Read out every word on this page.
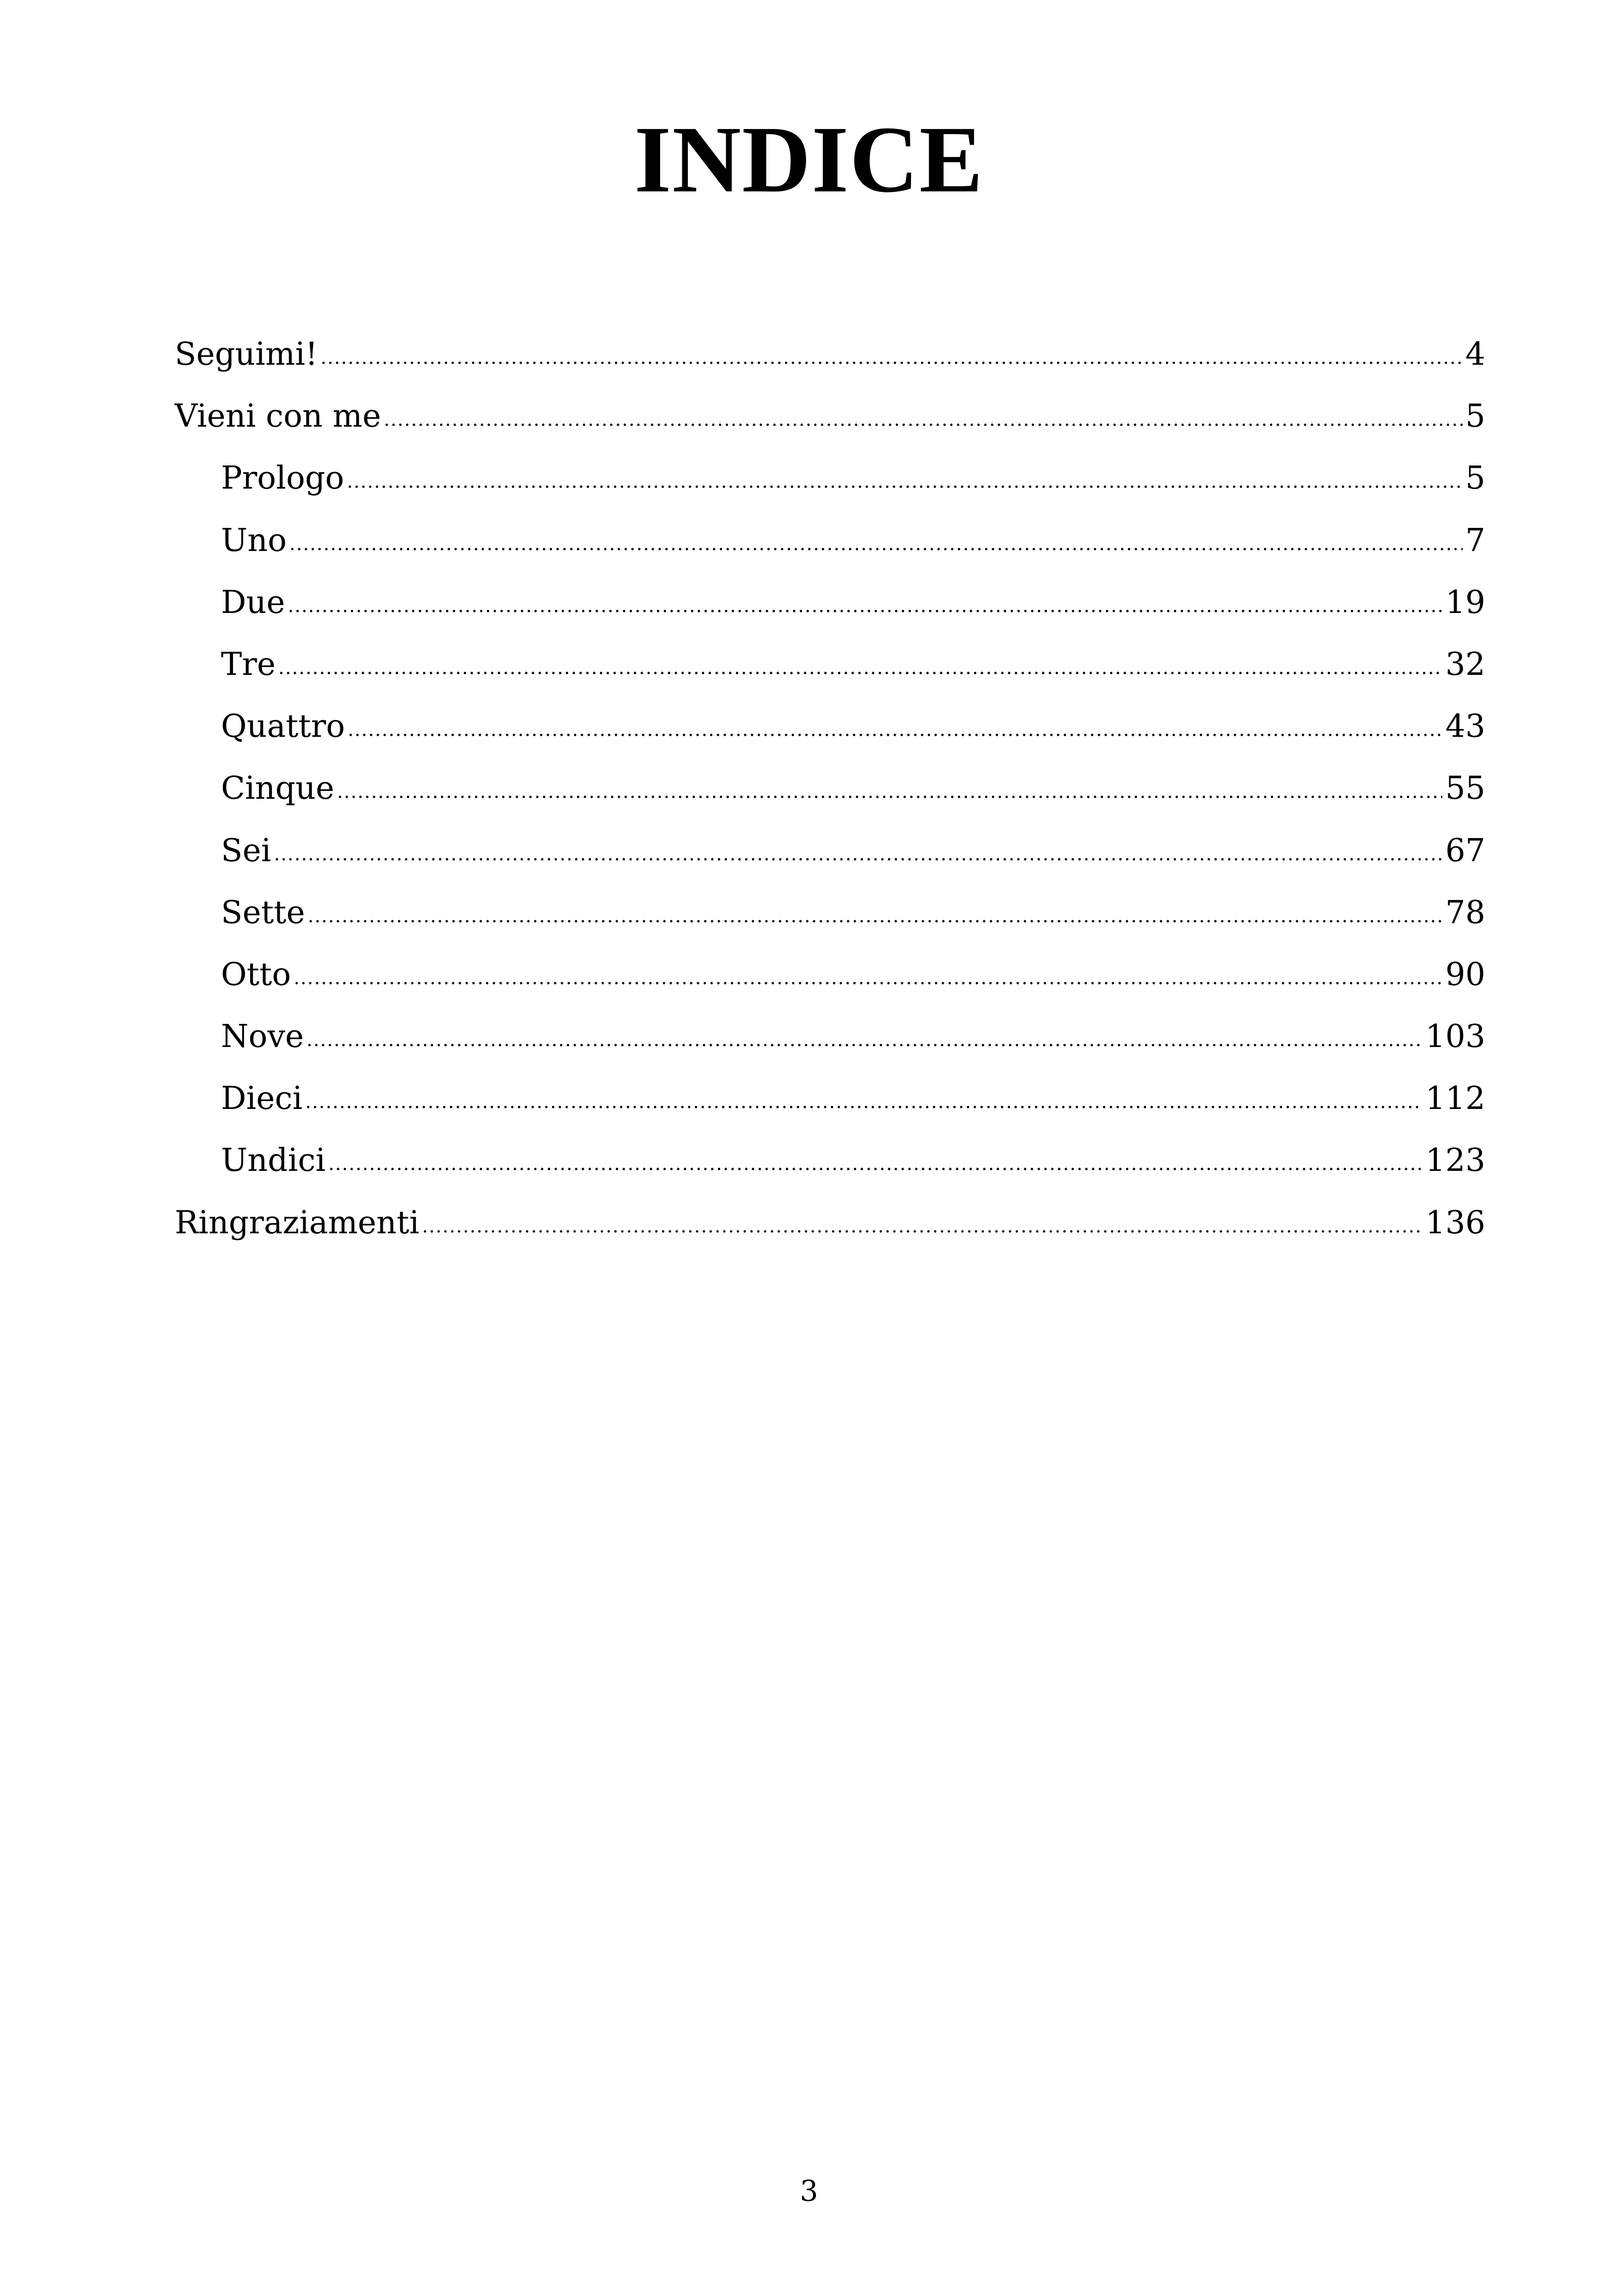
INDICE
Seguimi! .....	4
Vieni con me .....	5
Prologo .....	5
Uno .....	7
Due .....	19
Tre .....	32
Quattro .....	43
Cinque .....	55
Sei .....	67
Sette .....	78
Otto .....	90
Nove .....	103
Dieci .....	112
Undici .....	123
Ringraziamenti .....	136
3
